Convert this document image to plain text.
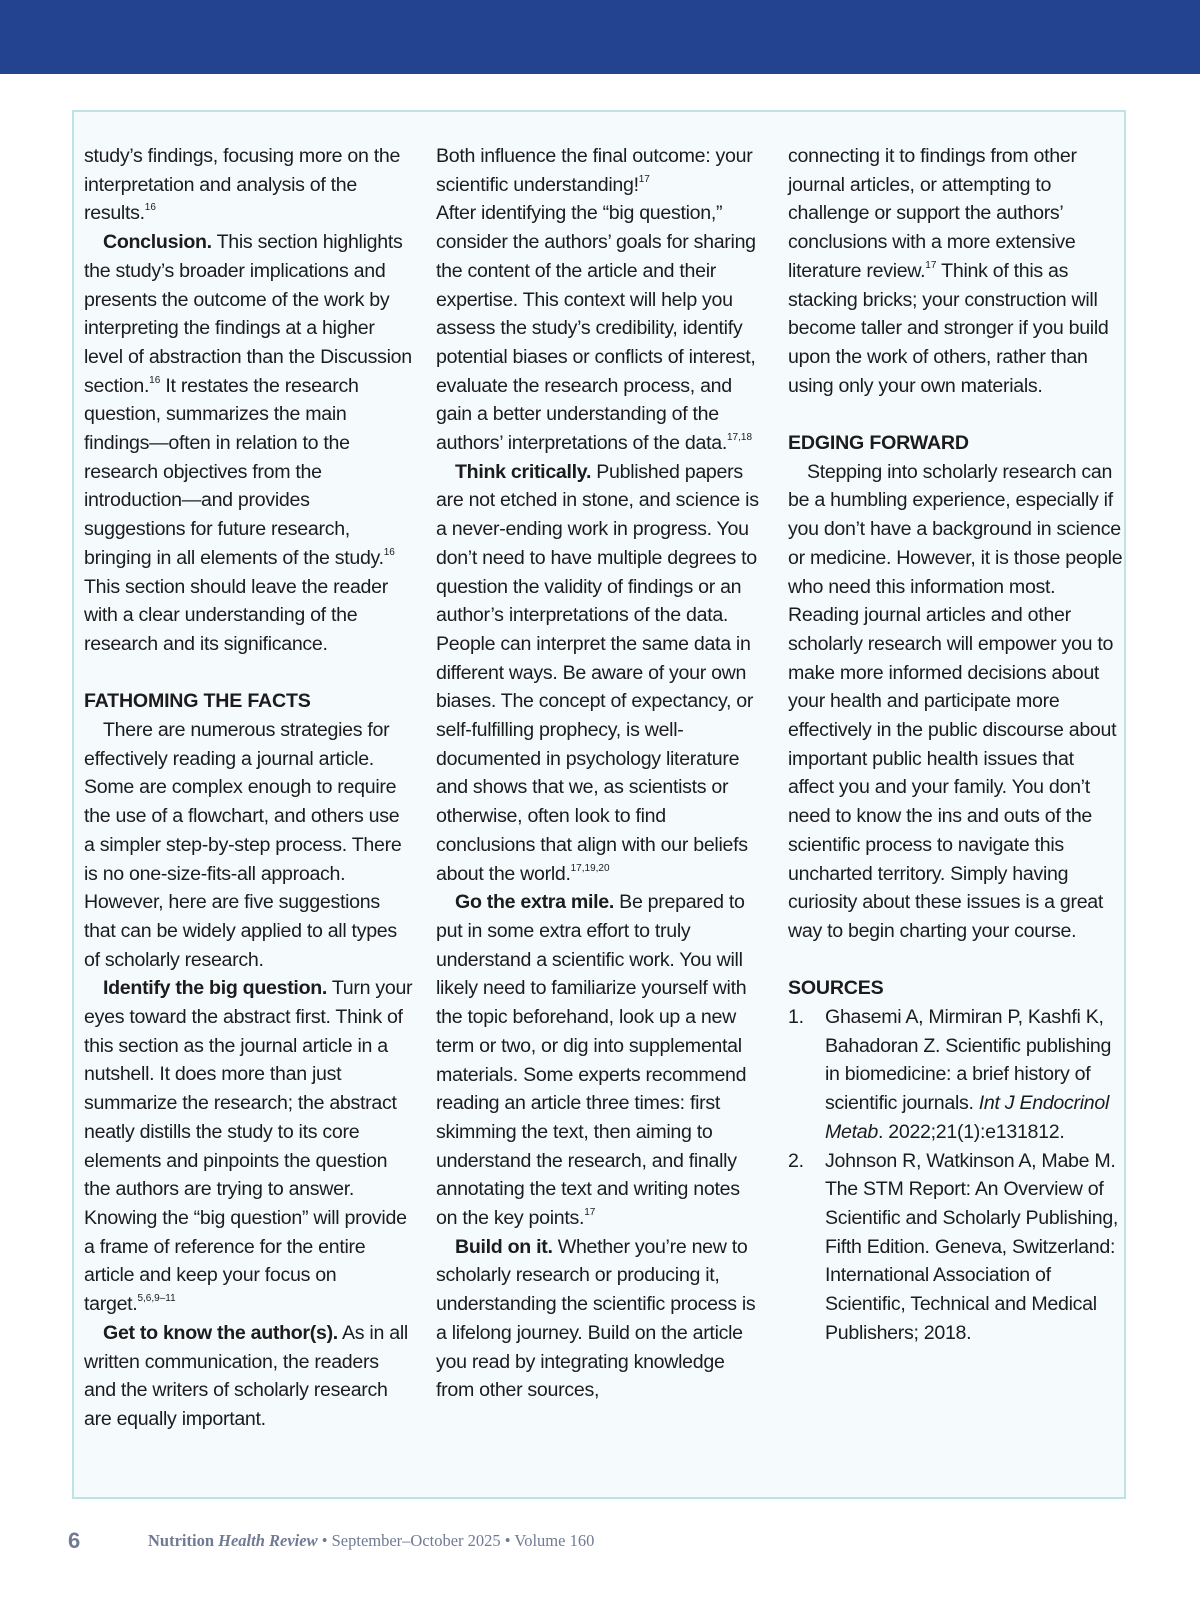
study’s findings, focusing more on the interpretation and analysis of the results.$^{16}$

Conclusion. This section highlights the study’s broader implications and presents the outcome of the work by interpreting the findings at a higher level of abstraction than the Discussion section.$^{16}$ It restates the research question, summarizes the main findings—often in relation to the research objectives from the introduction—and provides suggestions for future research, bringing in all elements of the study.$^{16}$ This section should leave the reader with a clear understanding of the research and its significance.

FATHOMING THE FACTS

There are numerous strategies for effectively reading a journal article. Some are complex enough to require the use of a flowchart, and others use a simpler step-by-step process. There is no one-size-fits-all approach. However, here are five suggestions that can be widely applied to all types of scholarly research.

Identify the big question. Turn your eyes toward the abstract first. Think of this section as the journal article in a nutshell. It does more than just summarize the research; the abstract neatly distills the study to its core elements and pinpoints the question the authors are trying to answer. Knowing the “big question” will provide a frame of reference for the entire article and keep your focus on target.$^{5,6,9-11}$

Get to know the author(s). As in all written communication, the readers and the writers of scholarly research are equally important.

Both influence the final outcome: your scientific understanding!$^{17}$

After identifying the “big question,” consider the authors’ goals for sharing the content of the article and their expertise. This context will help you assess the study’s credibility, identify potential biases or conflicts of interest, evaluate the research process, and gain a better understanding of the authors’ interpretations of the data.$^{17,18}$

Think critically. Published papers are not etched in stone, and science is a never-ending work in progress. You don’t need to have multiple degrees to question the validity of findings or an author’s interpretations of the data. People can interpret the same data in different ways. Be aware of your own biases. The concept of expectancy, or self-fulfilling prophecy, is well-documented in psychology literature and shows that we, as scientists or otherwise, often look to find conclusions that align with our beliefs about the world.$^{17,19,20}$

Go the extra mile. Be prepared to put in some extra effort to truly understand a scientific work. You will likely need to familiarize yourself with the topic beforehand, look up a new term or two, or dig into supplemental materials. Some experts recommend reading an article three times: first skimming the text, then aiming to understand the research, and finally annotating the text and writing notes on the key points.$^{17}$

Build on it. Whether you’re new to scholarly research or producing it, understanding the scientific process is a lifelong journey. Build on the article you read by integrating knowledge from other sources,

connecting it to findings from other journal articles, or attempting to challenge or support the authors’ conclusions with a more extensive literature review.$^{17}$ Think of this as stacking bricks; your construction will become taller and stronger if you build upon the work of others, rather than using only your own materials.

EDGING FORWARD

Stepping into scholarly research can be a humbling experience, especially if you don’t have a background in science or medicine. However, it is those people who need this information most. Reading journal articles and other scholarly research will empower you to make more informed decisions about your health and participate more effectively in the public discourse about important public health issues that affect you and your family. You don’t need to know the ins and outs of the scientific process to navigate this uncharted territory. Simply having curiosity about these issues is a great way to begin charting your course.

SOURCES
1. Ghasemi A, Mirmiran P, Kashfi K, Bahadoran Z. Scientific publishing in biomedicine: a brief history of scientific journals. Int J Endocrinol Metab. 2022;21(1):e131812.
2. Johnson R, Watkinson A, Mabe M. The STM Report: An Overview of Scientific and Scholarly Publishing, Fifth Edition. Geneva, Switzerland: International Association of Scientific, Technical and Medical Publishers; 2018.
6	Nutrition Health Review • September–October 2025 • Volume 160
